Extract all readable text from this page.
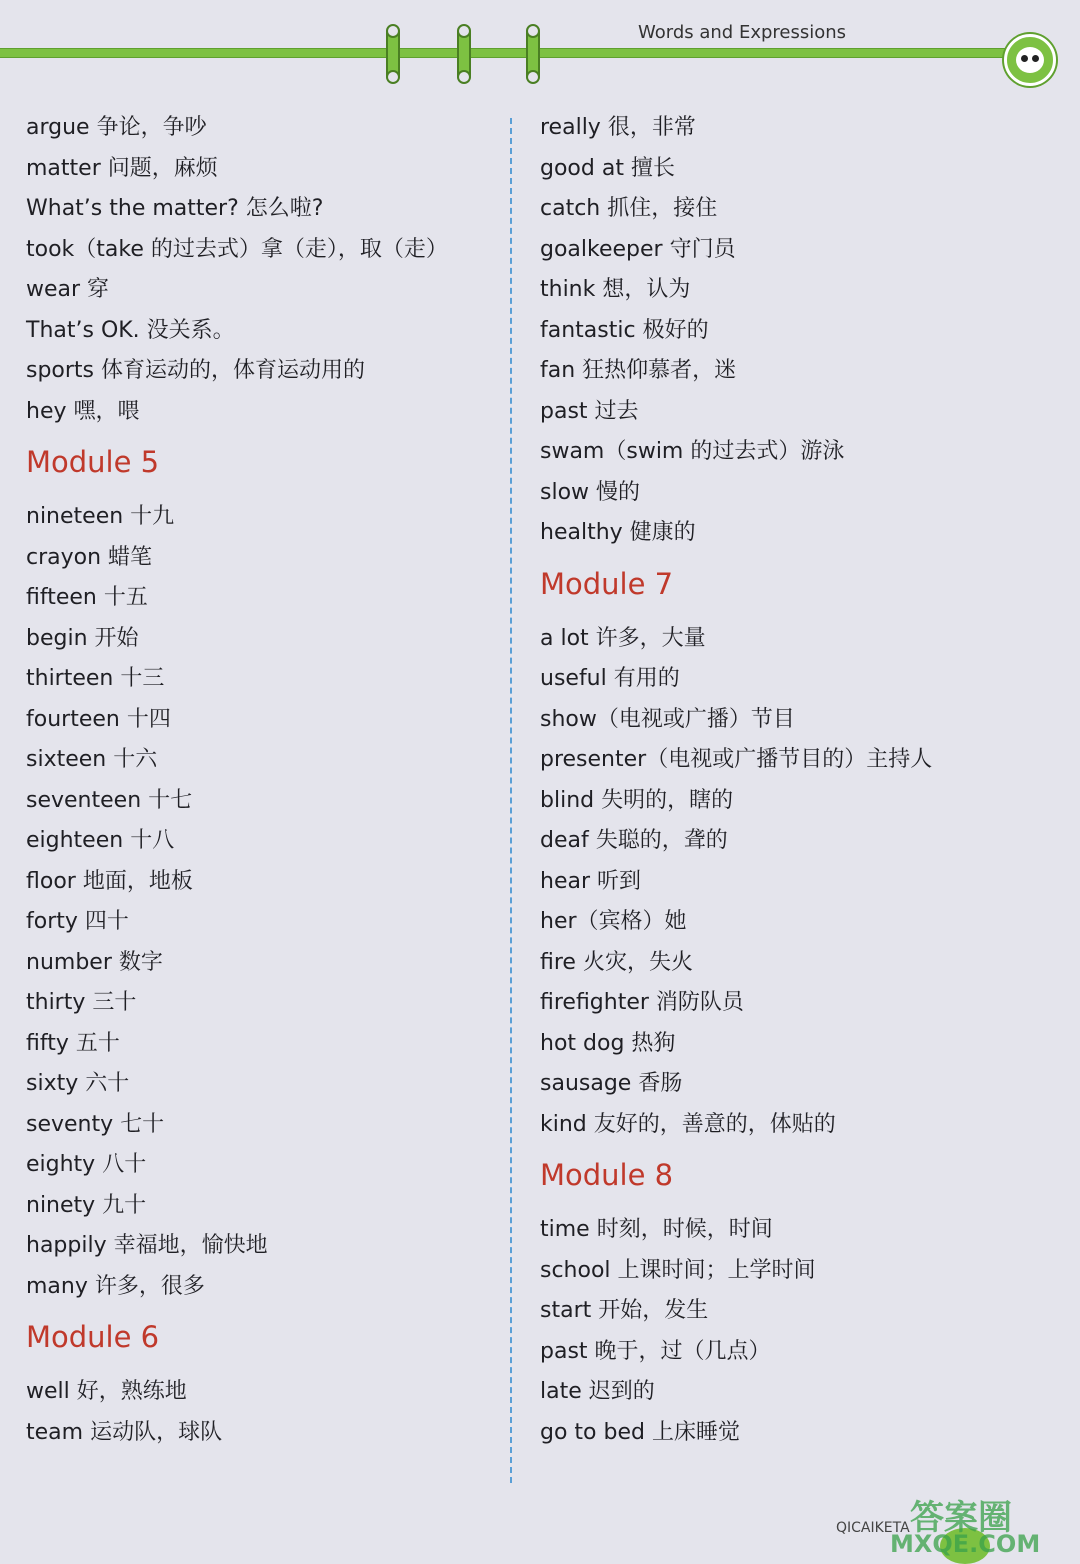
Words and Expressions
argue 争论，争吵
matter 问题，麻烦
What’s the matter? 怎么啦?
took（take 的过去式）拿（走），取（走）
wear 穿
That’s OK. 没关系。
sports 体育运动的，体育运动用的
hey 嘿，喂
Module 5
nineteen 十九
crayon 蜡笔
fifteen 十五
begin 开始
thirteen 十三
fourteen 十四
sixteen 十六
seventeen 十七
eighteen 十八
floor 地面，地板
forty 四十
number 数字
thirty 三十
fifty 五十
sixty 六十
seventy 七十
eighty 八十
ninety 九十
happily 幸福地，愉快地
many 许多，很多
Module 6
well 好，熟练地
team 运动队，球队
really 很，非常
good at 擅长
catch 抓住，接住
goalkeeper 守门员
think 想，认为
fantastic 极好的
fan 狂热仰慕者，迷
past 过去
swam（swim 的过去式）游泳
slow 慢的
healthy 健康的
Module 7
a lot 许多，大量
useful 有用的
show（电视或广播）节目
presenter（电视或广播节目的）主持人
blind 失明的，瞎的
deaf 失聪的，聋的
hear 听到
her（宾格）她
fire 火灾，失火
firefighter 消防队员
hot dog 热狗
sausage 香肠
kind 友好的，善意的，体贴的
Module 8
time 时刻，时候，时间
school 上课时间；上学时间
start 开始，发生
past 晚于，过（几点）
late 迟到的
go to bed 上床睡觉
QICAIKETA 答案圈
MXQE.COM
